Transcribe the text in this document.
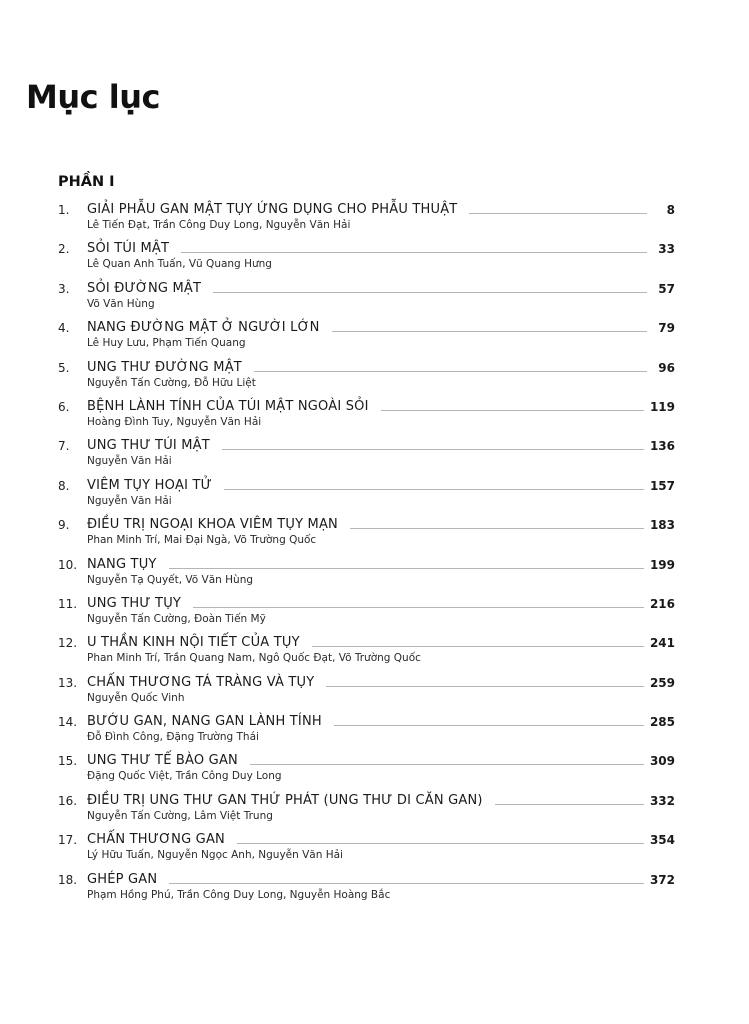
Mục lục
PHẦN I
1.	GIẢI PHẪU GAN MẬT TỤY ỨNG DỤNG CHO PHẪU THUẬT	8
Lê Tiến Đạt, Trần Công Duy Long, Nguyễn Văn Hải
2.	SỎI TÚI MẬT	33
Lê Quan Anh Tuấn, Vũ Quang Hưng
3.	SỎI ĐƯỜNG MẬT	57
Võ Văn Hùng
4.	NANG ĐƯỜNG MẬT Ở NGƯỜI LỚN	79
Lê Huy Lưu, Phạm Tiến Quang
5.	UNG THƯ ĐƯỜNG MẬT	96
Nguyễn Tấn Cường, Đỗ Hữu Liệt
6.	BỆNH LÀNH TÍNH CỦA TÚI MẬT NGOÀI SỎI	119
Hoàng Đình Tuy, Nguyễn Văn Hải
7.	UNG THƯ TÚI MẬT	136
Nguyễn Văn Hải
8.	VIÊM TỤY HOẠI TỬ	157
Nguyễn Văn Hải
9.	ĐIỀU TRỊ NGOẠI KHOA VIÊM TỤY MẠN	183
Phan Minh Trí, Mai Đại Ngà, Võ Trường Quốc
10. NANG TỤY	199
Nguyễn Tạ Quyết, Võ Văn Hùng
11. UNG THƯ TỤY	216
Nguyễn Tấn Cường, Đoàn Tiến Mỹ
12. U THẦN KINH NỘI TIẾT CỦA TỤY	241
Phan Minh Trí, Trần Quang Nam, Ngô Quốc Đạt, Võ Trường Quốc
13. CHẤN THƯƠNG TÁ TRÀNG VÀ TỤY	259
Nguyễn Quốc Vinh
14. BƯỚU GAN, NANG GAN LÀNH TÍNH	285
Đỗ Đình Công, Đặng Trường Thái
15. UNG THƯ TẾ BÀO GAN	309
Đặng Quốc Việt, Trần Công Duy Long
16. ĐIỀU TRỊ UNG THƯ GAN THỨ PHÁT (UNG THƯ DI CĂN GAN)	332
Nguyễn Tấn Cường, Lâm Việt Trung
17. CHẤN THƯƠNG GAN	354
Lý Hữu Tuấn, Nguyễn Ngọc Anh, Nguyễn Văn Hải
18. GHÉP GAN	372
Phạm Hồng Phú, Trần Công Duy Long, Nguyễn Hoàng Bắc
